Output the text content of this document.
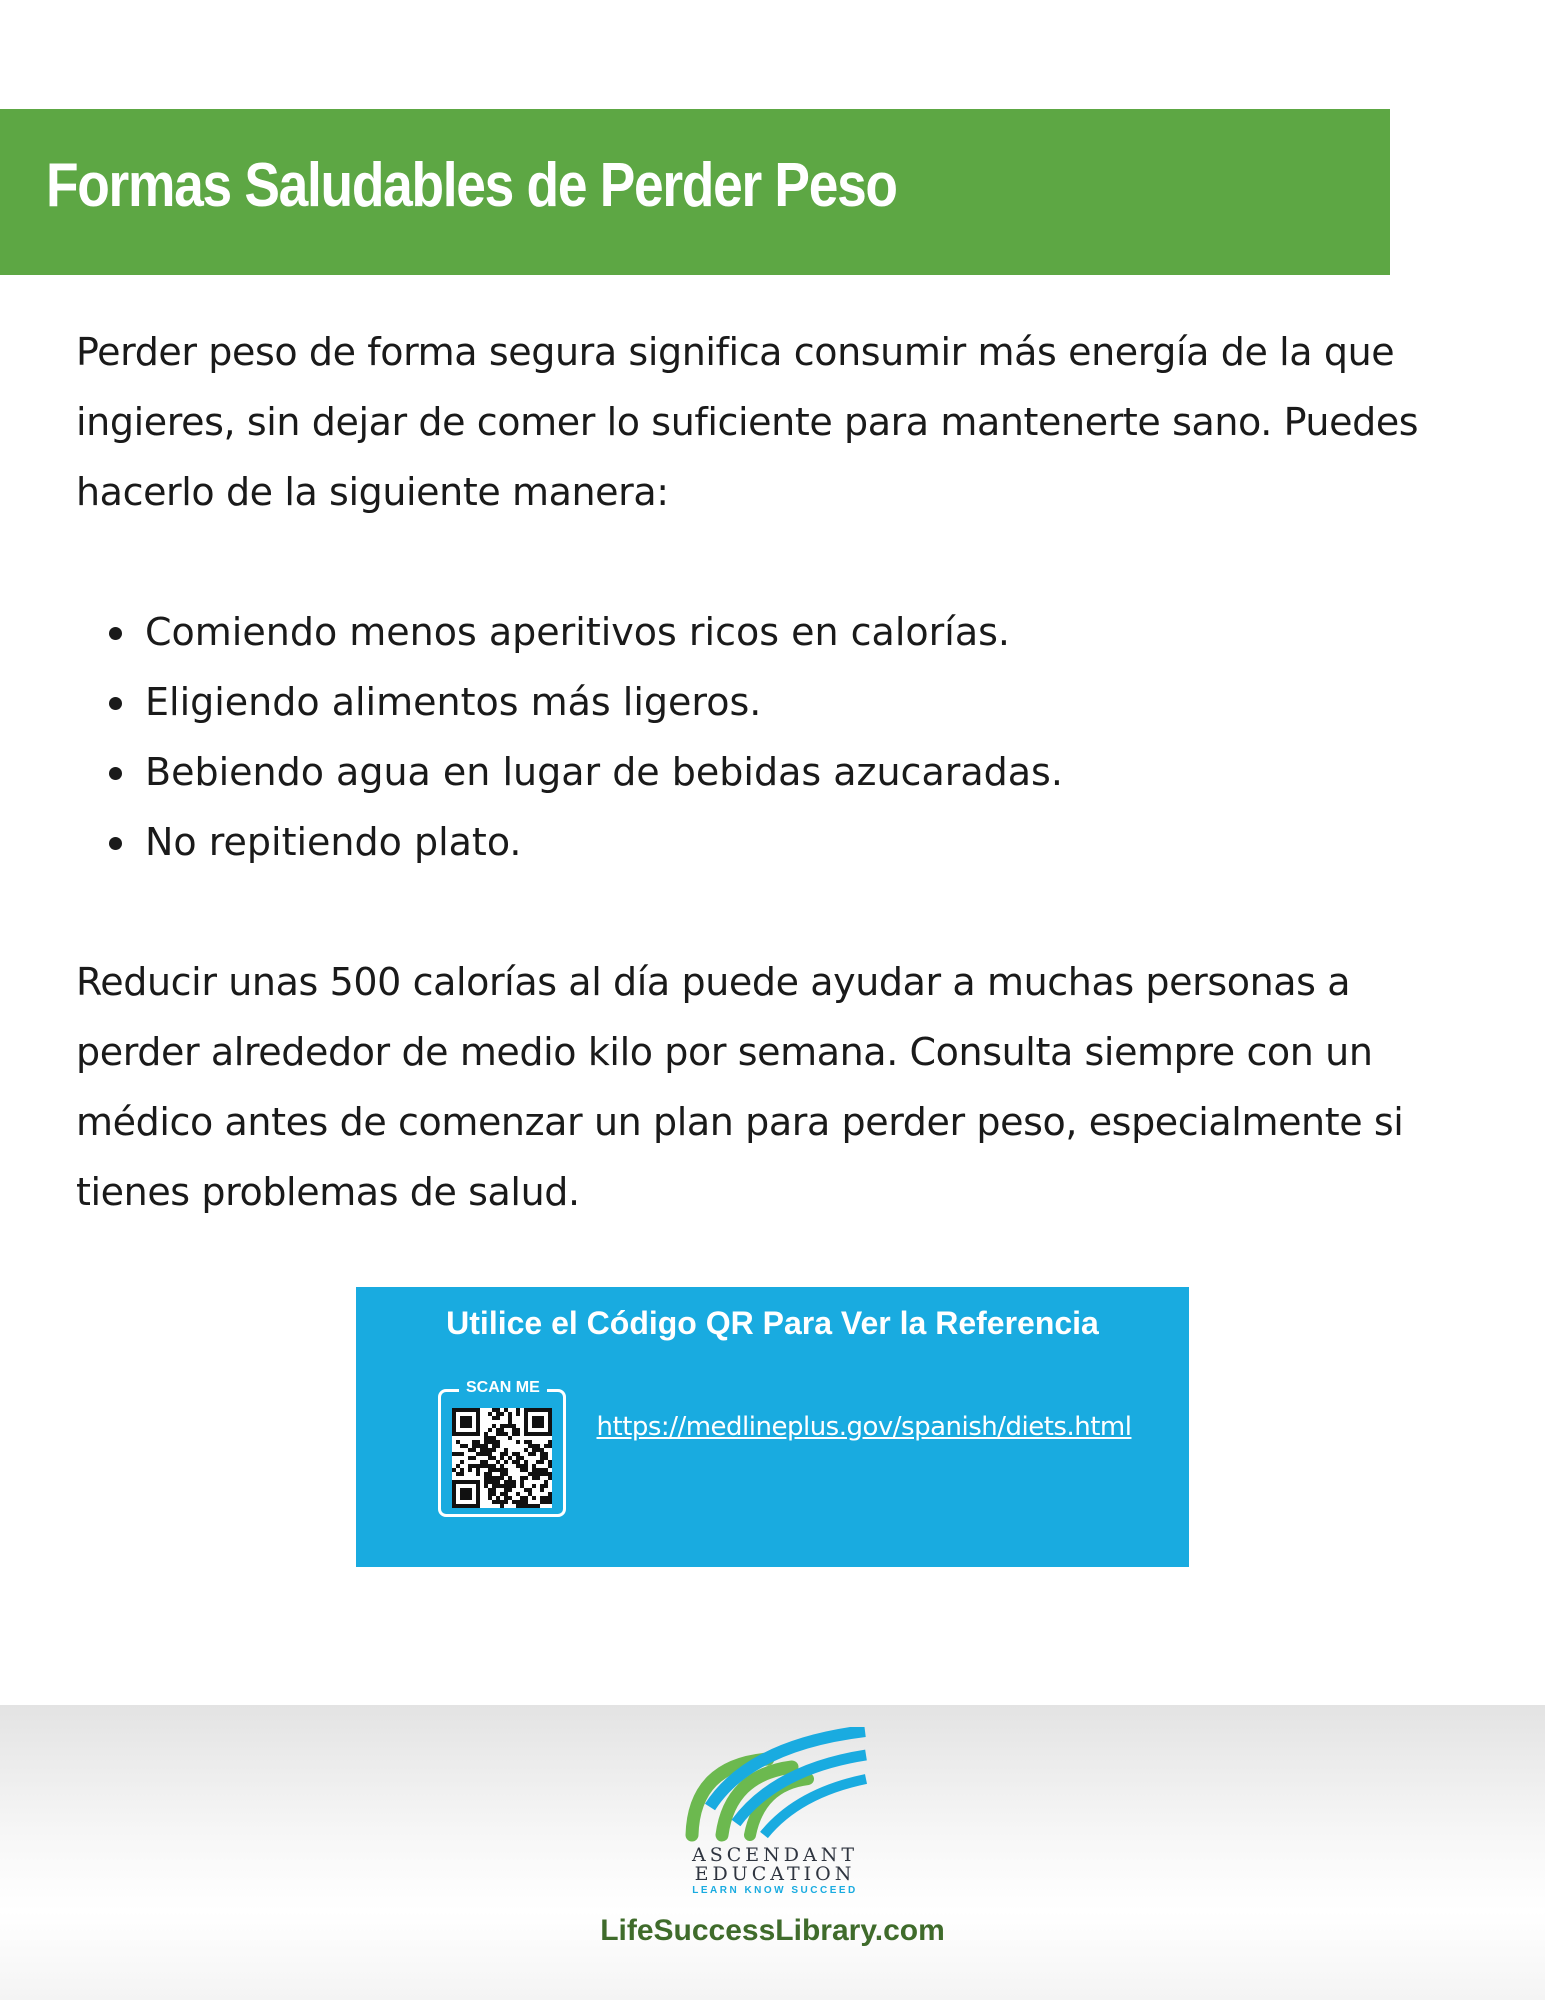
Formas Saludables de Perder Peso

Perder peso de forma segura significa consumir más energía de la que ingieres, sin dejar de comer lo suficiente para mantenerte sano. Puedes hacerlo de la siguiente manera:

Comiendo menos aperitivos ricos en calorías.
Eligiendo alimentos más ligeros.
Bebiendo agua en lugar de bebidas azucaradas.
No repitiendo plato.

Reducir unas 500 calorías al día puede ayudar a muchas personas a perder alrededor de medio kilo por semana. Consulta siempre con un médico antes de comenzar un plan para perder peso, especialmente si tienes problemas de salud.

Utilice el Código QR Para Ver la Referencia
SCAN ME
https://medlineplus.gov/spanish/diets.html
ASCENDANT
EDUCATION
LEARN KNOW SUCCEED
LifeSuccessLibrary.com
